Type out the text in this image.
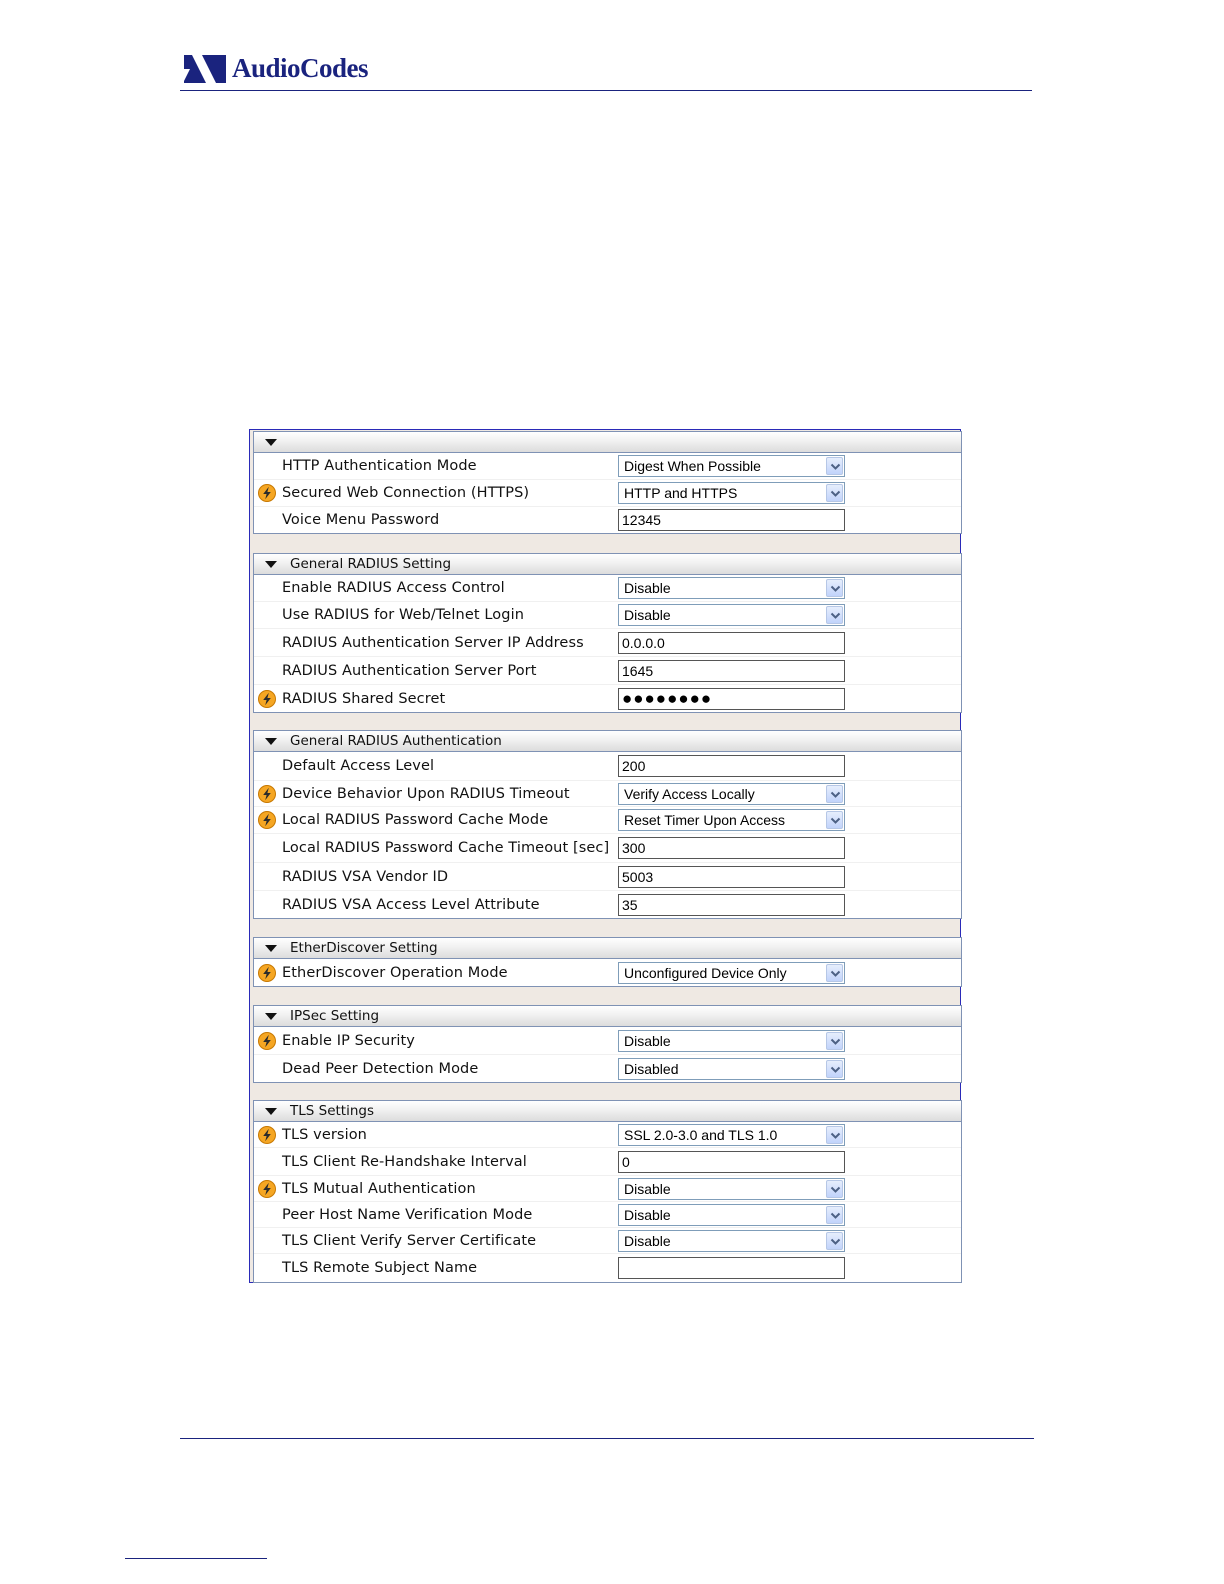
AudioCodes
HTTP Authentication Mode	Digest When Possible
Secured Web Connection (HTTPS)	HTTP and HTTPS
Voice Menu Password	12345
General RADIUS Setting
Enable RADIUS Access Control	Disable
Use RADIUS for Web/Telnet Login	Disable
RADIUS Authentication Server IP Address	0.0.0.0
RADIUS Authentication Server Port	1645
RADIUS Shared Secret	●●●●●●●●
General RADIUS Authentication
Default Access Level	200
Device Behavior Upon RADIUS Timeout	Verify Access Locally
Local RADIUS Password Cache Mode	Reset Timer Upon Access
Local RADIUS Password Cache Timeout [sec] 300
RADIUS VSA Vendor ID	5003
RADIUS VSA Access Level Attribute	35
EtherDiscover Setting
EtherDiscover Operation Mode	Unconfigured Device Only
IPSec Setting
Enable IP Security	Disable
Dead Peer Detection Mode	Disabled
TLS Settings
TLS version	SSL 2.0-3.0 and TLS 1.0
TLS Client Re-Handshake Interval	0
TLS Mutual Authentication	Disable
Peer Host Name Verification Mode	Disable
TLS Client Verify Server Certificate	Disable
TLS Remote Subject Name
